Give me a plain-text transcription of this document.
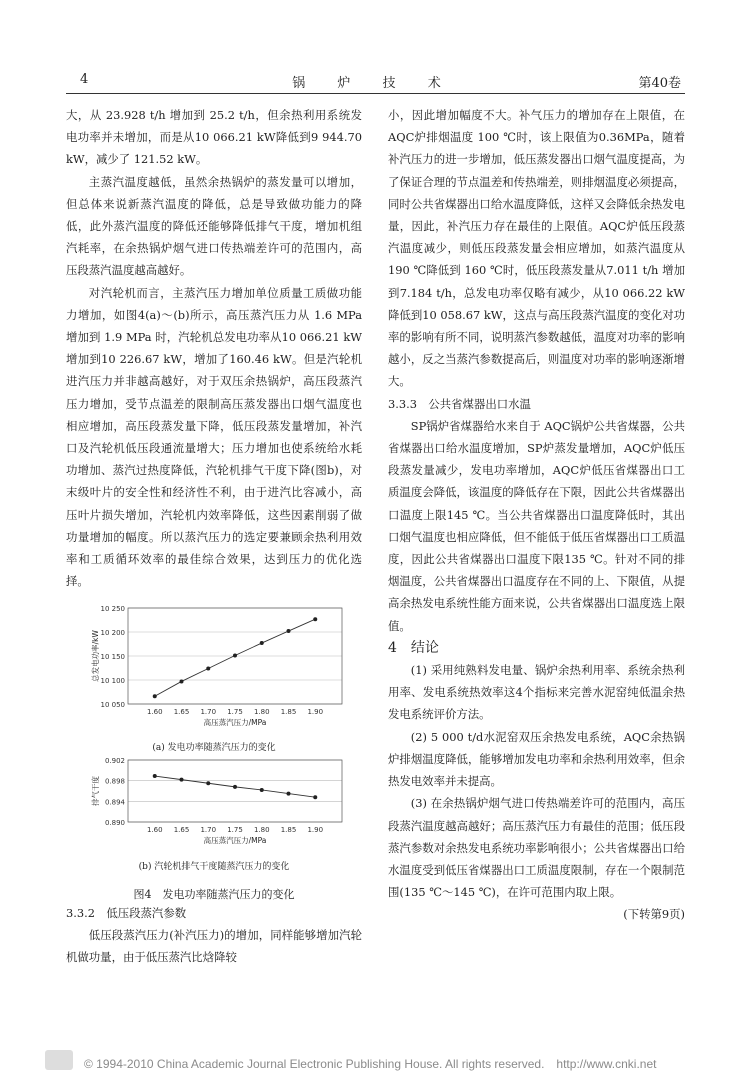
4	锅 炉 技 术	第40卷

大，从 23.928 t/h 增加到 25.2 t/h，但余热利用系统发电功率并未增加，而是从10 066.21 kW降低到9 944.70 kW，减少了 121.52 kW。

主蒸汽温度越低，虽然余热锅炉的蒸发量可以增加，但总体来说新蒸汽温度的降低，总是导致做功能力的降低，此外蒸汽温度的降低还能够降低排气干度，增加机组汽耗率，在余热锅炉烟气进口传热端差许可的范围内，高压段蒸汽温度越高越好。

对汽轮机而言，主蒸汽压力增加单位质量工质做功能力增加，如图4(a)～(b)所示，高压蒸汽压力从 1.6 MPa 增加到 1.9 MPa 时，汽轮机总发电功率从10 066.21 kW增加到10 226.67 kW，增加了160.46 kW。但是汽轮机进汽压力并非越高越好，对于双压余热锅炉，高压段蒸汽压力增加，受节点温差的限制高压蒸发器出口烟气温度也相应增加，高压段蒸发量下降，低压段蒸发量增加，补汽口及汽轮机低压段通流量增大；压力增加也使系统给水耗功增加、蒸汽过热度降低，汽轮机排气干度下降(图b)，对末级叶片的安全性和经济性不利，由于进汽比容减小，高压叶片损失增加，汽轮机内效率降低，这些因素削弱了做功量增加的幅度。所以蒸汽压力的选定要兼顾余热利用效率和工质循环效率的最佳综合效果，达到压力的优化选择。

10 050
10 100
10 150
10 200
10 250
1.60 1.65 1.70 1.75 1.80 1.85 1.90
高压蒸汽压力/MPa
总发电功率/kW
(a) 发电功率随蒸汽压力的变化
0.890
0.894
0.898
0.902
1.60 1.65 1.70 1.75 1.80 1.85 1.90
高压蒸汽压力/MPa
排气干度
(b) 汽轮机排气干度随蒸汽压力的变化
图4　发电功率随蒸汽压力的变化

3.3.2　低压段蒸汽参数

低压段蒸汽压力(补汽压力)的增加，同样能够增加汽轮机做功量，由于低压蒸汽比焓降较

小，因此增加幅度不大。补气压力的增加存在上限值，在 AQC炉排烟温度 100 ℃时，该上限值为0.36MPa，随着补汽压力的进一步增加，低压蒸发器出口烟气温度提高，为了保证合理的节点温差和传热端差，则排烟温度必须提高，同时公共省煤器出口给水温度降低，这样又会降低余热发电量，因此，补汽压力存在最佳的上限值。AQC炉低压段蒸汽温度减少，则低压段蒸发量会相应增加，如蒸汽温度从 190 ℃降低到 160 ℃时，低压段蒸发量从7.011 t/h 增加到7.184 t/h，总发电功率仅略有减少，从10 066.22 kW降低到10 058.67 kW，这点与高压段蒸汽温度的变化对功率的影响有所不同，说明蒸汽参数越低，温度对功率的影响越小，反之当蒸汽参数提高后，则温度对功率的影响逐渐增大。

3.3.3　公共省煤器出口水温

SP锅炉省煤器给水来自于 AQC锅炉公共省煤器，公共省煤器出口给水温度增加，SP炉蒸发量增加，AQC炉低压段蒸发量减少，发电功率增加，AQC炉低压省煤器出口工质温度会降低，该温度的降低存在下限，因此公共省煤器出口温度上限145 ℃。当公共省煤器出口温度降低时，其出口烟气温度也相应降低，但不能低于低压省煤器出口工质温度，因此公共省煤器出口温度下限135 ℃。针对不同的排烟温度，公共省煤器出口温度存在不同的上、下限值，从提高余热发电系统性能方面来说，公共省煤器出口温度选上限值。

4　结论

(1) 采用纯熟料发电量、锅炉余热利用率、系统余热利用率、发电系统热效率这4个指标来完善水泥窑纯低温余热发电系统评价方法。

(2) 5 000 t/d水泥窑双压余热发电系统，AQC余热锅炉排烟温度降低，能够增加发电功率和余热利用效率，但余热发电效率并未提高。

(3) 在余热锅炉烟气进口传热端差许可的范围内，高压段蒸汽温度越高越好；高压蒸汽压力有最佳的范围；低压段蒸汽参数对余热发电系统功率影响很小；公共省煤器出口给水温度受到低压省煤器出口工质温度限制，存在一个限制范围(135 ℃～145 ℃)，在许可范围内取上限。

(下转第9页)

© 1994-2010 China Academic Journal Electronic Publishing House. All rights reserved.　http://www.cnki.net
